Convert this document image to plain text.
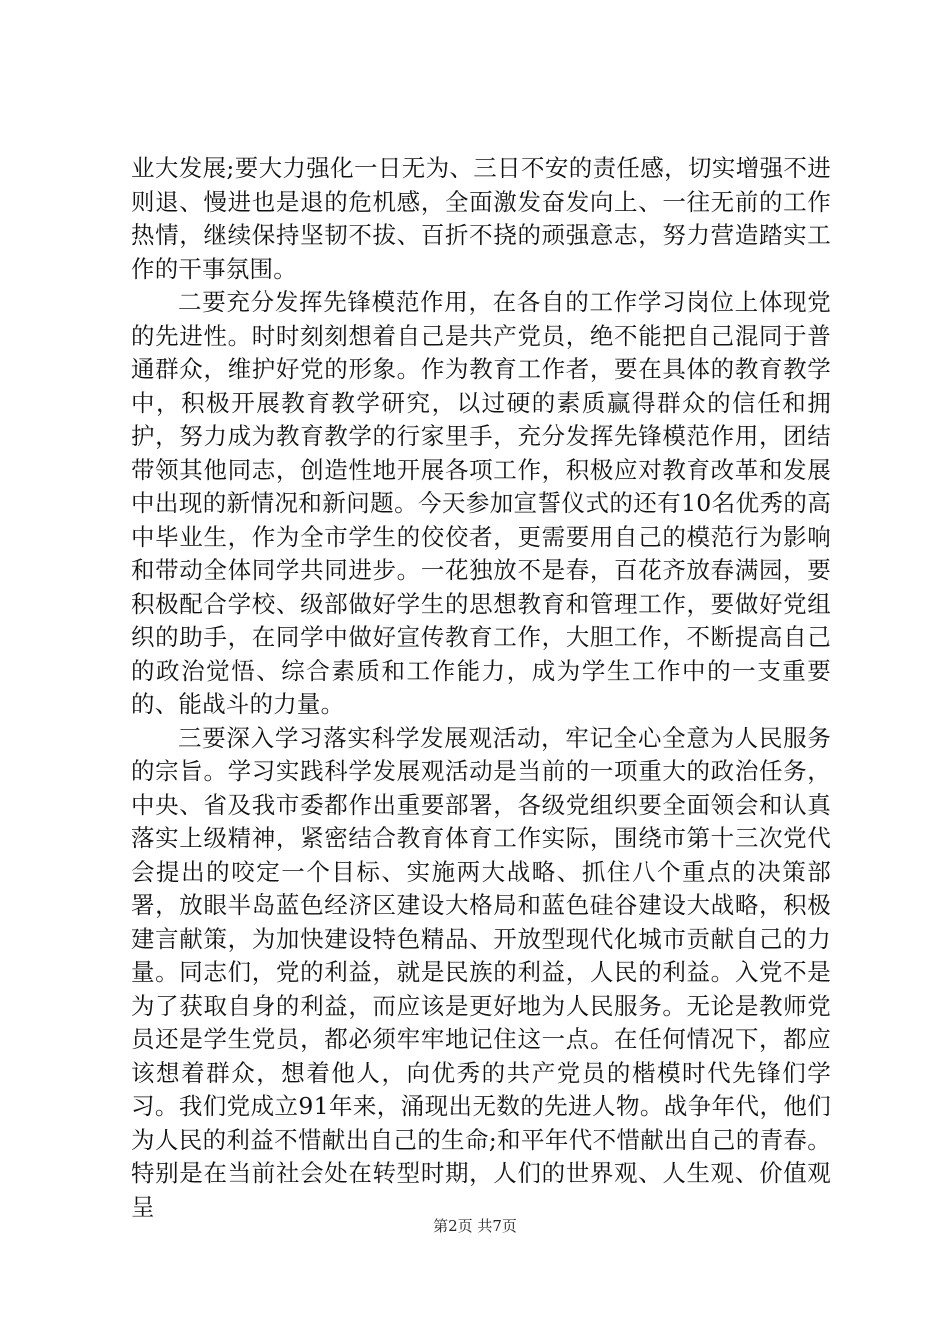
业大发展;要大力强化一日无为、三日不安的责任感，切实增强不进则退、慢进也是退的危机感，全面激发奋发向上、一往无前的工作热情，继续保持坚韧不拔、百折不挠的顽强意志，努力营造踏实工作的干事氛围。

二要充分发挥先锋模范作用，在各自的工作学习岗位上体现党的先进性。时时刻刻想着自己是共产党员，绝不能把自己混同于普通群众，维护好党的形象。作为教育工作者，要在具体的教育教学中，积极开展教育教学研究，以过硬的素质赢得群众的信任和拥护，努力成为教育教学的行家里手，充分发挥先锋模范作用，团结带领其他同志，创造性地开展各项工作，积极应对教育改革和发展中出现的新情况和新问题。今天参加宣誓仪式的还有10名优秀的高中毕业生，作为全市学生的佼佼者，更需要用自己的模范行为影响和带动全体同学共同进步。一花独放不是春，百花齐放春满园，要积极配合学校、级部做好学生的思想教育和管理工作，要做好党组织的助手，在同学中做好宣传教育工作，大胆工作，不断提高自己的政治觉悟、综合素质和工作能力，成为学生工作中的一支重要的、能战斗的力量。

三要深入学习落实科学发展观活动，牢记全心全意为人民服务的宗旨。学习实践科学发展观活动是当前的一项重大的政治任务，中央、省及我市委都作出重要部署，各级党组织要全面领会和认真落实上级精神，紧密结合教育体育工作实际，围绕市第十三次党代会提出的咬定一个目标、实施两大战略、抓住八个重点的决策部署，放眼半岛蓝色经济区建设大格局和蓝色硅谷建设大战略，积极建言献策，为加快建设特色精品、开放型现代化城市贡献自己的力量。同志们，党的利益，就是民族的利益，人民的利益。入党不是为了获取自身的利益，而应该是更好地为人民服务。无论是教师党员还是学生党员，都必须牢牢地记住这一点。在任何情况下，都应该想着群众，想着他人，向优秀的共产党员的楷模时代先锋们学习。我们党成立91年来，涌现出无数的先进人物。战争年代，他们为人民的利益不惜献出自己的生命;和平年代不惜献出自己的青春。特别是在当前社会处在转型时期，人们的世界观、人生观、价值观呈

第2页 共7页
